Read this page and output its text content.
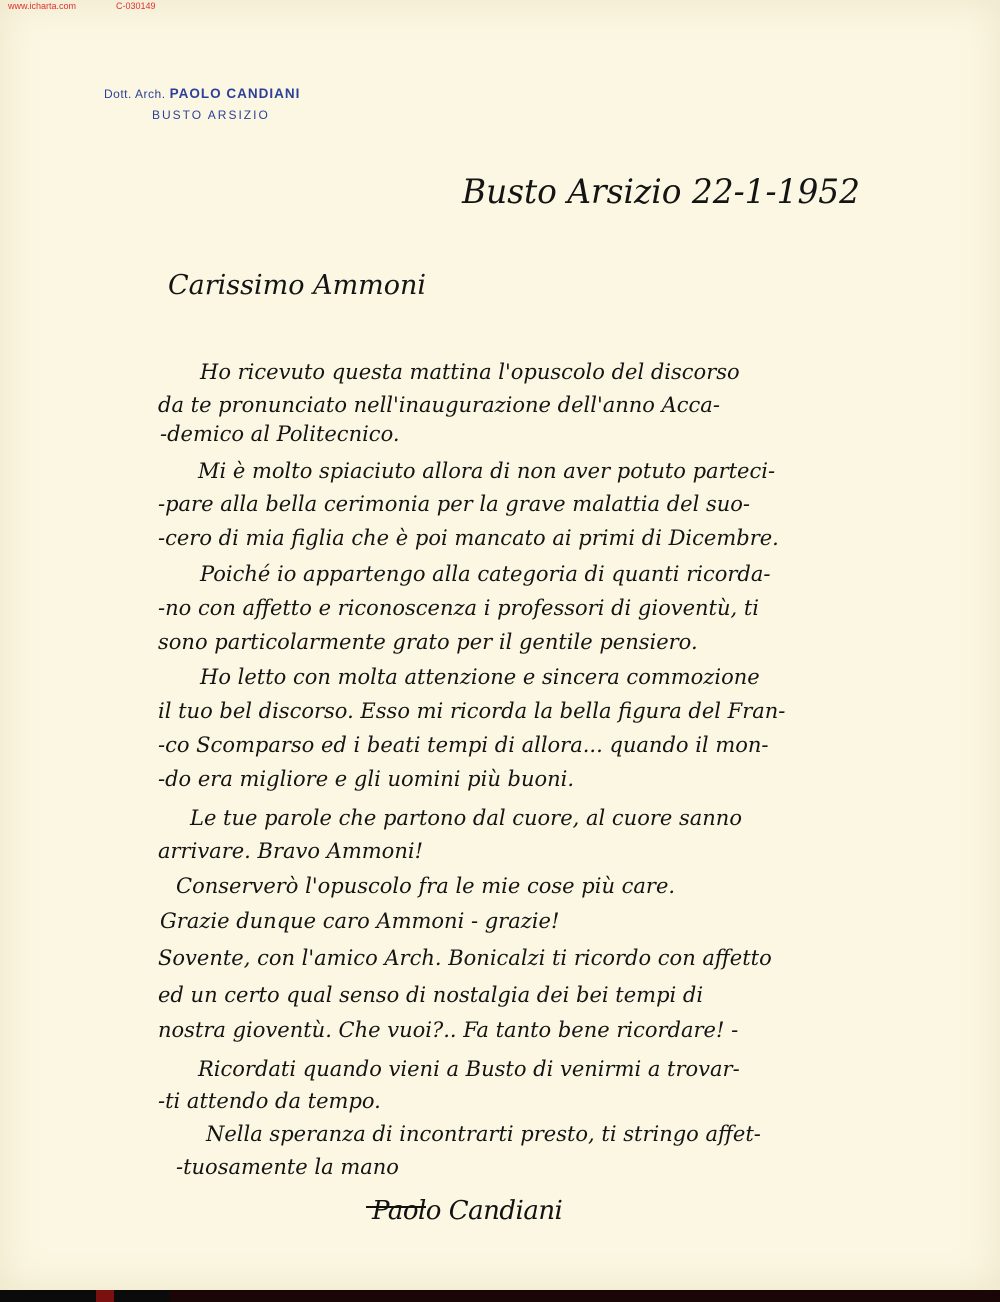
Dott. Arch. PAOLO CANDIANI
BUSTO ARSIZIO
Busto Arsizio 22-1-1952
Carissimo Ammoni
Ho ricevuto questa mattina l'opuscolo del discorso
da te pronunciato nell'inaugurazione dell'anno Acca-
-demico al Politecnico.
Mi è molto spiaciuto allora di non aver potuto parteci-
-pare alla bella cerimonia per la grave malattia del suo-
-cero di mia figlia che è poi mancato ai primi di Dicembre.
Poiché io appartengo alla categoria di quanti ricorda-
-no con affetto e riconoscenza i professori di gioventù, ti
sono particolarmente grato per il gentile pensiero.
Ho letto con molta attenzione e sincera commozione
il tuo bel discorso. Esso mi ricorda la bella figura del Fran-
-co Scomparso ed i beati tempi di allora... quando il mon-
-do era migliore e gli uomini più buoni.
Le tue parole che partono dal cuore, al cuore sanno
arrivare. Bravo Ammoni!
Conserverò l'opuscolo fra le mie cose più care.
Grazie dunque caro Ammoni - grazie!
Sovente, con l'amico Arch. Bonicalzi ti ricordo con affetto
ed un certo qual senso di nostalgia dei bei tempi di
nostra gioventù. Che vuoi?.. Fa tanto bene ricordare! -
Ricordati quando vieni a Busto di venirmi a trovar-
-ti attendo da tempo.
Nella speranza di incontrarti presto, ti stringo affet-
-tuosamente la mano
Paolo Candiani
www.icharta.com	C-030149
